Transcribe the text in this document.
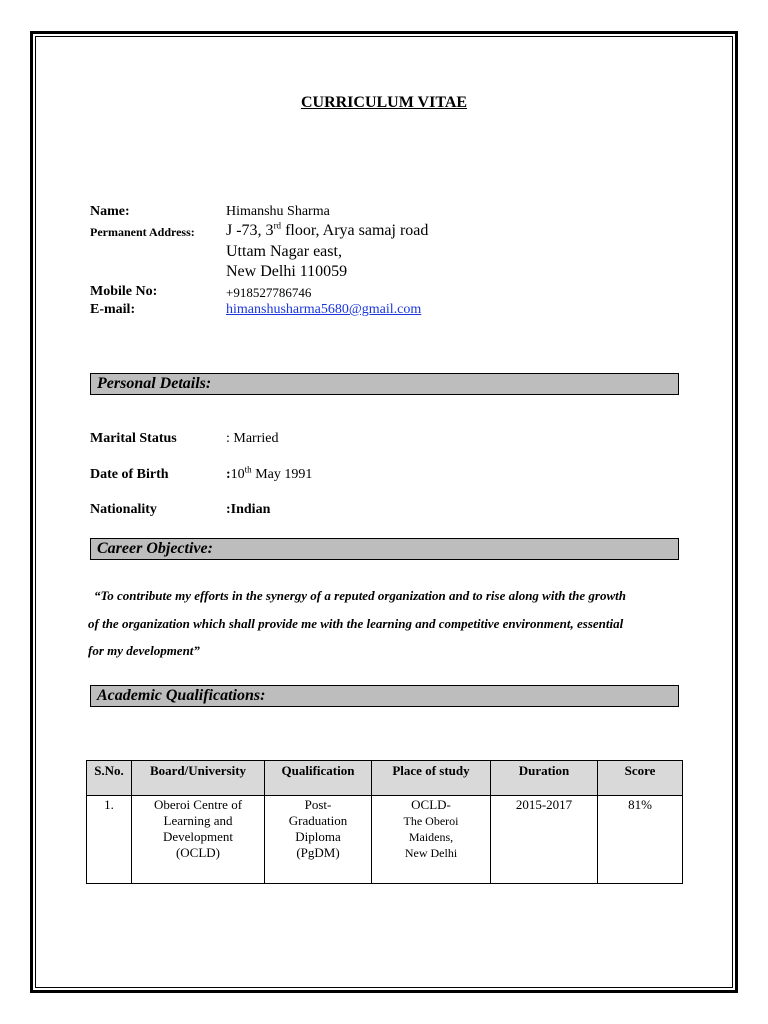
CURRICULUM VITAE
Name:	Himanshu Sharma
Permanent Address: J -73, 3rd floor, Arya samaj road
Uttam Nagar east,
New Delhi 110059
Mobile No:	+918527786746
E-mail:	himanshusharma5680@gmail.com
Personal Details:
Marital Status	: Married
Date of Birth	:10th May 1991
Nationality	:Indian
Career Objective:
“To contribute my efforts in the synergy of a reputed organization and to rise along with the growth
of the organization which shall provide me with the learning and competitive environment, essential
for my development”
Academic Qualifications:
S.No.	Board/University	Qualification	Place of study	Duration	Score
1.	Oberoi Centre of
Learning and
Development
(OCLD)	Post-
Graduation
Diploma
(PgDM)	OCLD-
The Oberoi
Maidens,
New Delhi	2015-2017	81%
